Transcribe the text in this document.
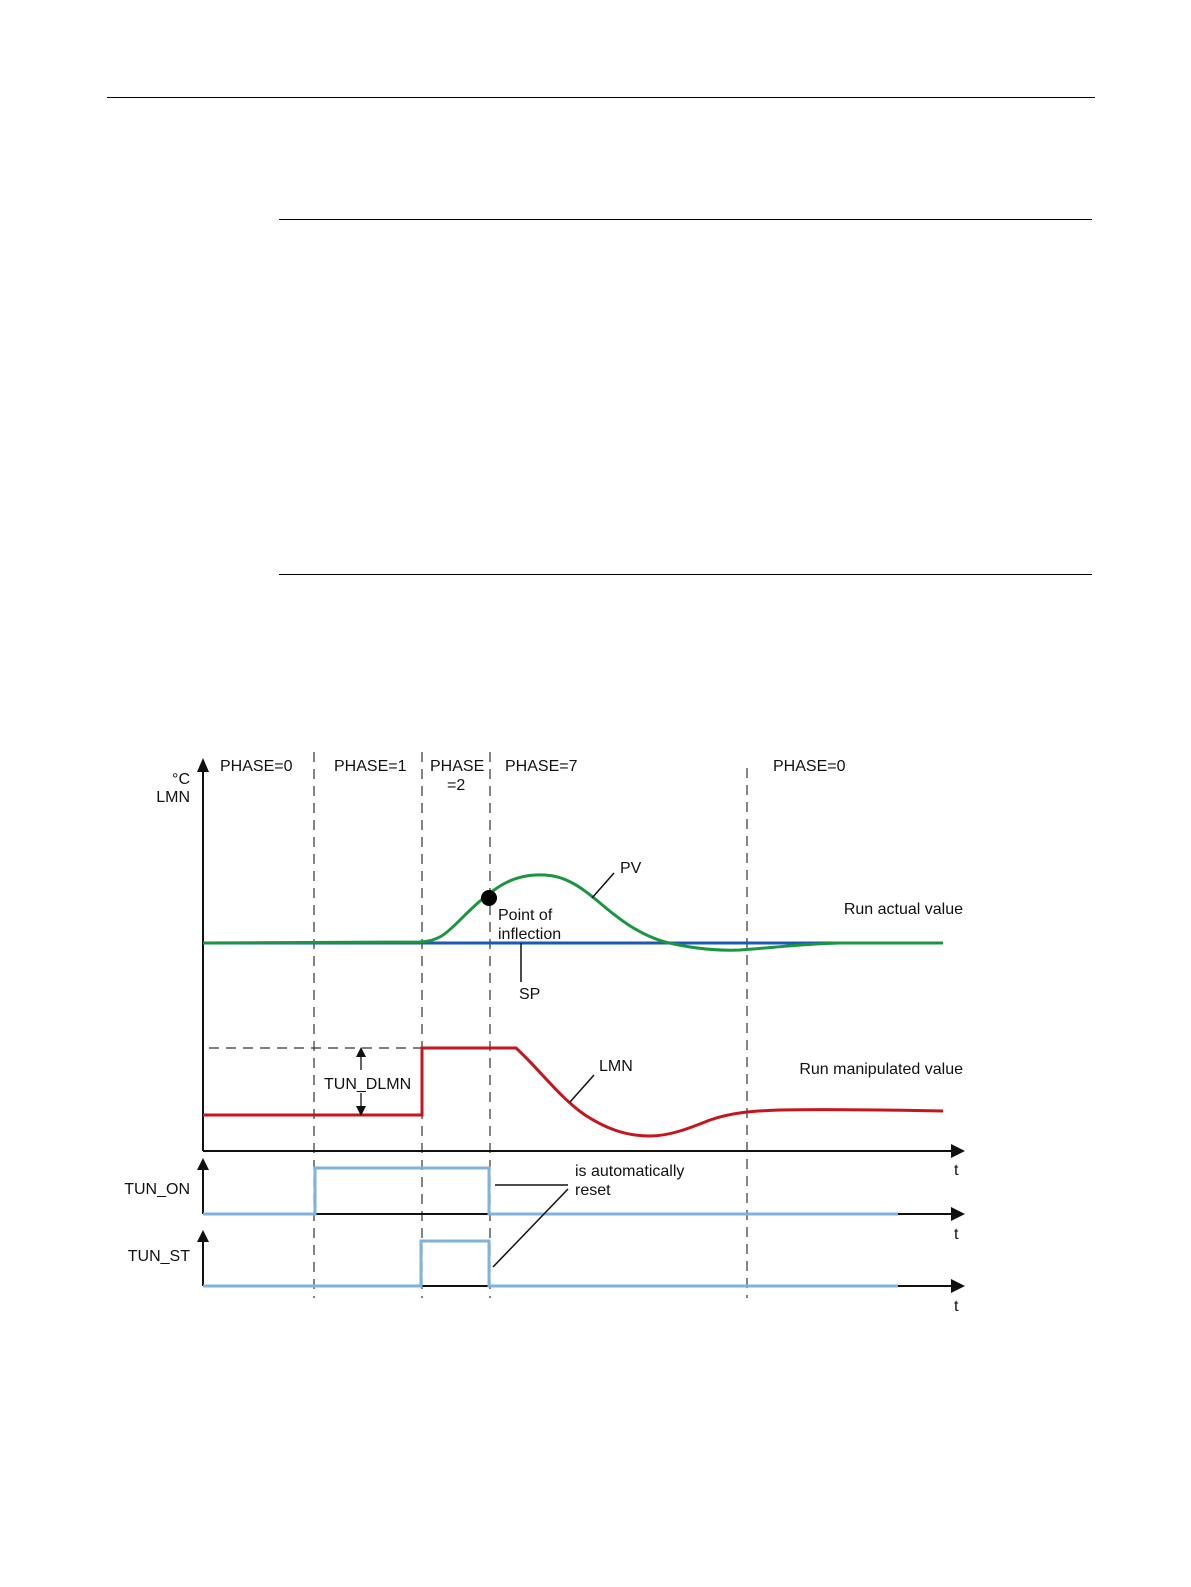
PHASE=0	PHASE=1 PHASE
=2
PHASE=7	PHASE=0
°C
LMN
t
t
t
PV
Run actual value
Point of
inflection
SP
LMN	Run manipulated value
TUN_DLMN
TUN_ON
TUN_ST
is automatically
reset
